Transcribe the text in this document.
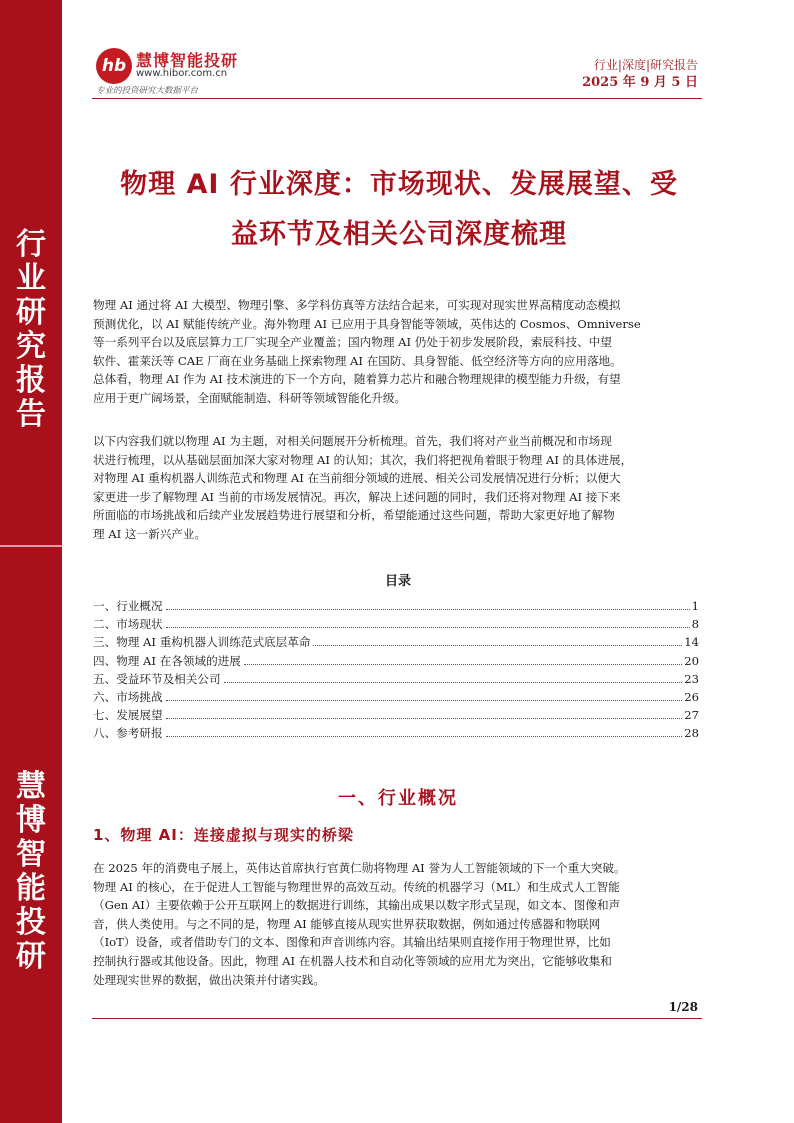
行
业
研
究
报
告
慧
博
智
能
投
研
hb 慧博智能投研
www.hibor.com.cn
专业的投资研究大数据平台
行业|深度|研究报告
2025 年 9 月 5 日
物理 AI 行业深度：市场现状、发展展望、受
益环节及相关公司深度梳理
物理 AI 通过将 AI 大模型、物理引擎、多学科仿真等方法结合起来，可实现对现实世界高精度动态模拟
预测优化，以 AI 赋能传统产业。海外物理 AI 已应用于具身智能等领域，英伟达的 Cosmos、Omniverse
等一系列平台以及底层算力工厂实现全产业覆盖；国内物理 AI 仍处于初步发展阶段，索辰科技、中望
软件、霍莱沃等 CAE 厂商在业务基础上探索物理 AI 在国防、具身智能、低空经济等方向的应用落地。
总体看，物理 AI 作为 AI 技术演进的下一个方向，随着算力芯片和融合物理规律的模型能力升级，有望
应用于更广阔场景，全面赋能制造、科研等领域智能化升级。
以下内容我们就以物理 AI 为主题，对相关问题展开分析梳理。首先，我们将对产业当前概况和市场现
状进行梳理，以从基础层面加深大家对物理 AI 的认知；其次，我们将把视角着眼于物理 AI 的具体进展，
对物理 AI 重构机器人训练范式和物理 AI 在当前细分领域的进展、相关公司发展情况进行分析；以便大
家更进一步了解物理 AI 当前的市场发展情况。再次，解决上述问题的同时，我们还将对物理 AI 接下来
所面临的市场挑战和后续产业发展趋势进行展望和分析，希望能通过这些问题，帮助大家更好地了解物
理 AI 这一新兴产业。
目录
一、行业概况	1
二、市场现状	8
三、物理 AI 重构机器人训练范式底层革命	14
四、物理 AI 在各领域的进展	20
五、受益环节及相关公司	23
六、市场挑战	26
七、发展展望	27
八、参考研报	28
一、行业概况
1、物理 AI：连接虚拟与现实的桥梁
在 2025 年的消费电子展上，英伟达首席执行官黄仁勋将物理 AI 誉为人工智能领域的下一个重大突破。
物理 AI 的核心，在于促进人工智能与物理世界的高效互动。传统的机器学习（ML）和生成式人工智能
（Gen AI）主要依赖于公开互联网上的数据进行训练，其输出成果以数字形式呈现，如文本、图像和声
音，供人类使用。与之不同的是，物理 AI 能够直接从现实世界获取数据，例如通过传感器和物联网
（IoT）设备，或者借助专门的文本、图像和声音训练内容。其输出结果则直接作用于物理世界，比如
控制执行器或其他设备。因此，物理 AI 在机器人技术和自动化等领域的应用尤为突出，它能够收集和
处理现实世界的数据，做出决策并付诸实践。
1/28
